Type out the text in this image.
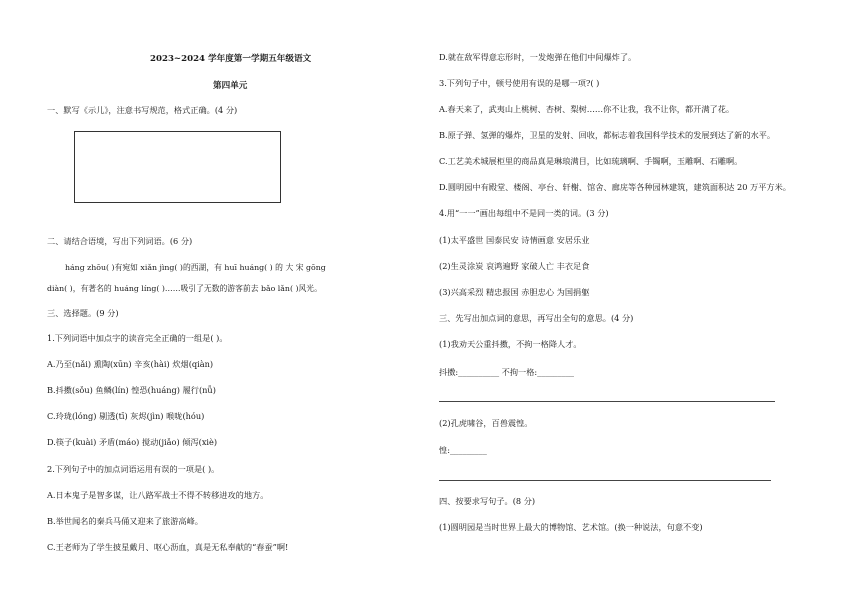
2023~2024 学年度第一学期五年级语文
第四单元
一、默写《示儿》，注意书写规范，格式正确。(4 分)
二、请结合语境，写出下列词语。(6 分)
háng zhōu( )有宛如 xiǎn jìng( )的西湖，有 huī huáng( ) 的 大 宋 gōng
diàn( )，有著名的 huáng líng( )……吸引了无数的游客前去 bǎo lǎn( )风光。
三、选择题。(9 分)
1.下列词语中加点字的读音完全正确的一组是( )。
A.乃至(nǎi) 熏陶(xūn) 辛亥(hài) 炊烟(qiàn)
B.抖擞(sǒu) 鱼鳞(lín) 惶恐(huáng) 履行(nǚ)
C.玲珑(lóng) 剔透(tī) 灰烬(jìn) 喉咙(hóu)
D.筷子(kuài) 矛盾(máo) 搅动(jiǎo) 倾泻(xiè)
2.下列句子中的加点词语运用有误的一项是( )。
A.日本鬼子是智多谋，让八路军战士不得不转移进攻的地方。
B.举世闻名的秦兵马俑又迎来了旅游高峰。
C.王老师为了学生披星戴月、呕心沥血，真是无私奉献的“春蚕”啊!
D.就在敌军得意忘形时，一发炮弹在他们中间爆炸了。
3.下列句子中，顿号使用有误的是哪一项?( )
A.春天来了，武夷山上桃树、杏树、梨树……你不让我，我不让你，都开满了花。
B.原子弹、氢弹的爆炸，卫星的发射、回收，都标志着我国科学技术的发展到达了新的水平。
C.工艺美术城展柜里的商品真是琳琅满目，比如琉璃啊、手镯啊，玉雕啊、石雕啊。
D.圆明园中有殿堂、楼阁、亭台、轩榭、馆舍、廊庑等各种园林建筑，建筑面积达 20 万平方米。
4.用“一一”画出每组中不是同一类的词。(3 分)
(1)太平盛世 国泰民安 诗情画意 安居乐业
(2)生灵涂炭 哀鸿遍野 家破人亡 丰衣足食
(3)兴高采烈 精忠报国 赤胆忠心 为国捐躯
三、先写出加点词的意思，再写出全句的意思。(4 分)
(1)我劝天公重抖擞，不拘一格降人才。
抖擞:__________ 不拘一格:_________
(2)孔虎啸谷，百兽震惶。
惶:_________
四、按要求写句子。(8 分)
(1)圆明园是当时世界上最大的博物馆、艺术馆。(换一种说法，句意不变)
